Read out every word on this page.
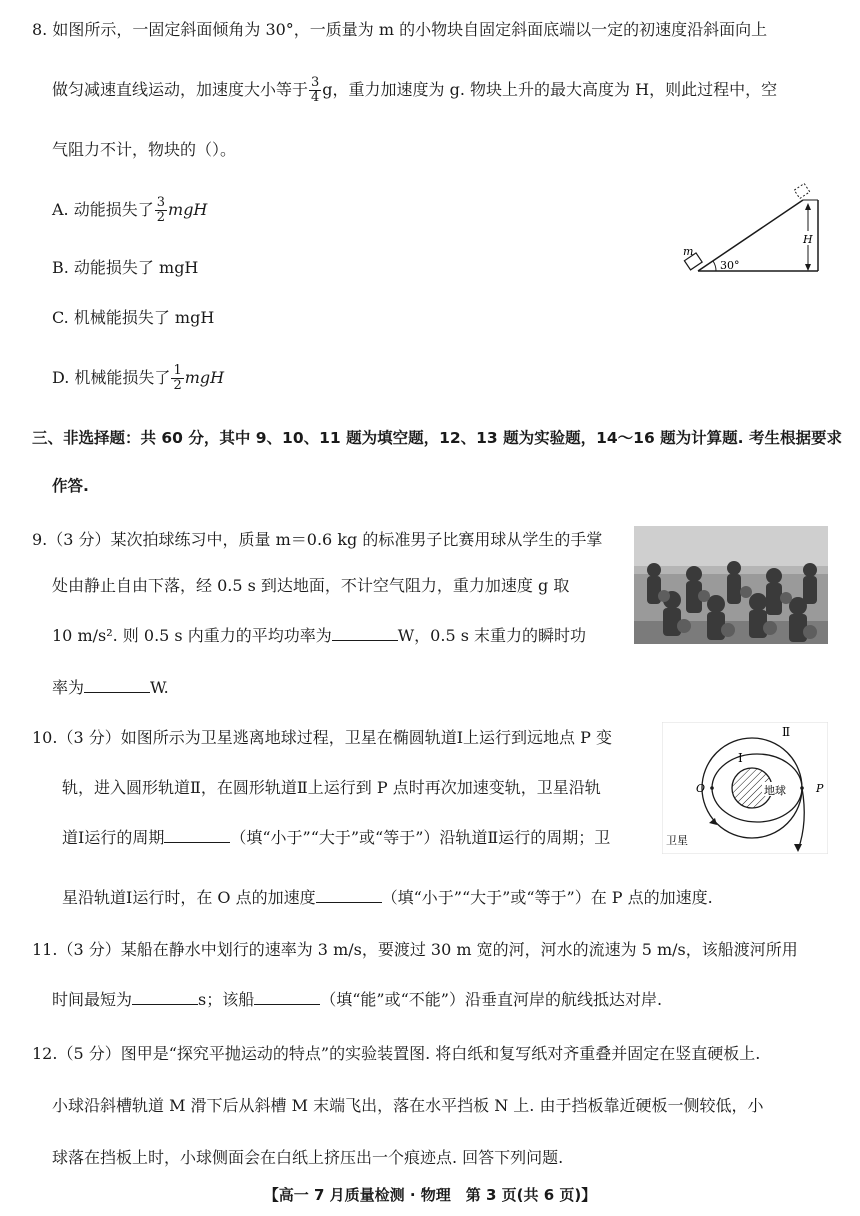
8. 如图所示，一固定斜面倾角为 30°，一质量为 m 的小物块自固定斜面底端以一定的初速度沿斜面向上
做匀减速直线运动，加速度大小等于 $\frac{3}{4}$ g，重力加速度为 g. 物块上升的最大高度为 H，则此过程中，空
气阻力不计，物块的（）。
A. 动能损失了 $\frac{3}{2}$ mgH
B. 动能损失了 mgH
C. 机械能损失了 mgH
D. 机械能损失了 $\frac{1}{2}$ mgH
m
30°
H
三、非选择题：共 60 分，其中 9、10、11 题为填空题，12、13 题为实验题，14～16 题为计算题. 考生根据要求
作答.
9.（3 分）某次拍球练习中，质量 m＝0.6 kg 的标准男子比赛用球从学生的手掌
处由静止自由下落，经 0.5 s 到达地面，不计空气阻力，重力加速度 g 取
10 m/s². 则 0.5 s 内重力的平均功率为	W，0.5 s 末重力的瞬时功
率为	W.
10.（3 分）如图所示为卫星逃离地球过程，卫星在椭圆轨道Ⅰ上运行到远地点 P 变
轨，进入圆形轨道Ⅱ，在圆形轨道Ⅱ上运行到 P 点时再次加速变轨，卫星沿轨
道Ⅰ运行的周期	（填“小于”“大于”或“等于”）沿轨道Ⅱ运行的周期；卫
星沿轨道Ⅰ运行时，在 O 点的加速度	（填“小于”“大于”或“等于”）在 P 点的加速度.
地球
Ⅰ
Ⅱ
O	P
卫星
11.（3 分）某船在静水中划行的速率为 3 m/s，要渡过 30 m 宽的河，河水的流速为 5 m/s，该船渡河所用
时间最短为	s；该船	（填“能”或“不能”）沿垂直河岸的航线抵达对岸.
12.（5 分）图甲是“探究平抛运动的特点”的实验装置图. 将白纸和复写纸对齐重叠并固定在竖直硬板上.
小球沿斜槽轨道 M 滑下后从斜槽 M 末端飞出，落在水平挡板 N 上. 由于挡板靠近硬板一侧较低，小
球落在挡板上时，小球侧面会在白纸上挤压出一个痕迹点. 回答下列问题.
【高一 7 月质量检测 · 物理　第 3 页(共 6 页)】
